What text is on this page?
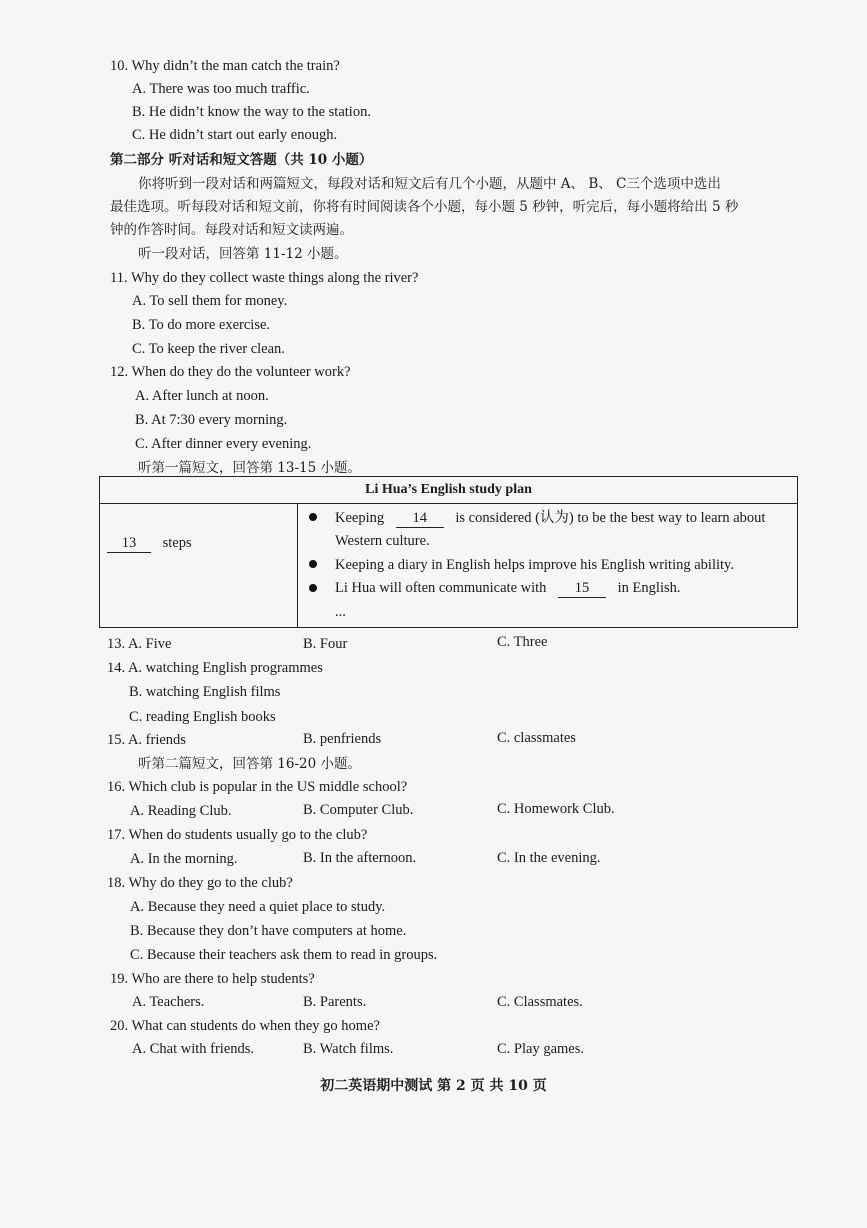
10. Why didn’t the man catch the train?
A. There was too much traffic.
B. He didn’t know the way to the station.
C. He didn’t start out early enough.
第二部分 听对话和短文答题（共 10 小题）
你将听到一段对话和两篇短文，每段对话和短文后有几个小题，从题中 A、 B、 C三个选项中选出
最佳选项。听每段对话和短文前，你将有时间阅读各个小题，每小题 5 秒钟，听完后，每小题将给出 5 秒
钟的作答时间。每段对话和短文读两遍。
听一段对话，回答第 11-12 小题。
11. Why do they collect waste things along the river?
A. To sell them for money.
B. To do more exercise.
C. To keep the river clean.
12. When do they do the volunteer work?
A. After lunch at noon.
B. At 7:30 every morning.
C. After dinner every evening.
听第一篇短文，回答第 13-15 小题。
Li Hua’s English study plan
13 steps
Keeping 14 is considered (认为) to be the best way to learn about
Western culture.
Keeping a diary in English helps improve his English writing ability.
Li Hua will often communicate with 15 in English.
...
13. A. Five	B. Four	C. Three
14. A. watching English programmes
B. watching English films
C. reading English books
15. A. friends	B. penfriends	C. classmates
听第二篇短文，回答第 16-20 小题。
16. Which club is popular in the US middle school?
A. Reading Club.	B. Computer Club.	C. Homework Club.
17. When do students usually go to the club?
A. In the morning.	B. In the afternoon.	C. In the evening.
18. Why do they go to the club?
A. Because they need a quiet place to study.
B. Because they don’t have computers at home.
C. Because their teachers ask them to read in groups.
19. Who are there to help students?
A. Teachers.	B. Parents.	C. Classmates.
20. What can students do when they go home?
A. Chat with friends.	B. Watch films.	C. Play games.
初二英语期中测试 第 2 页 共 10 页
